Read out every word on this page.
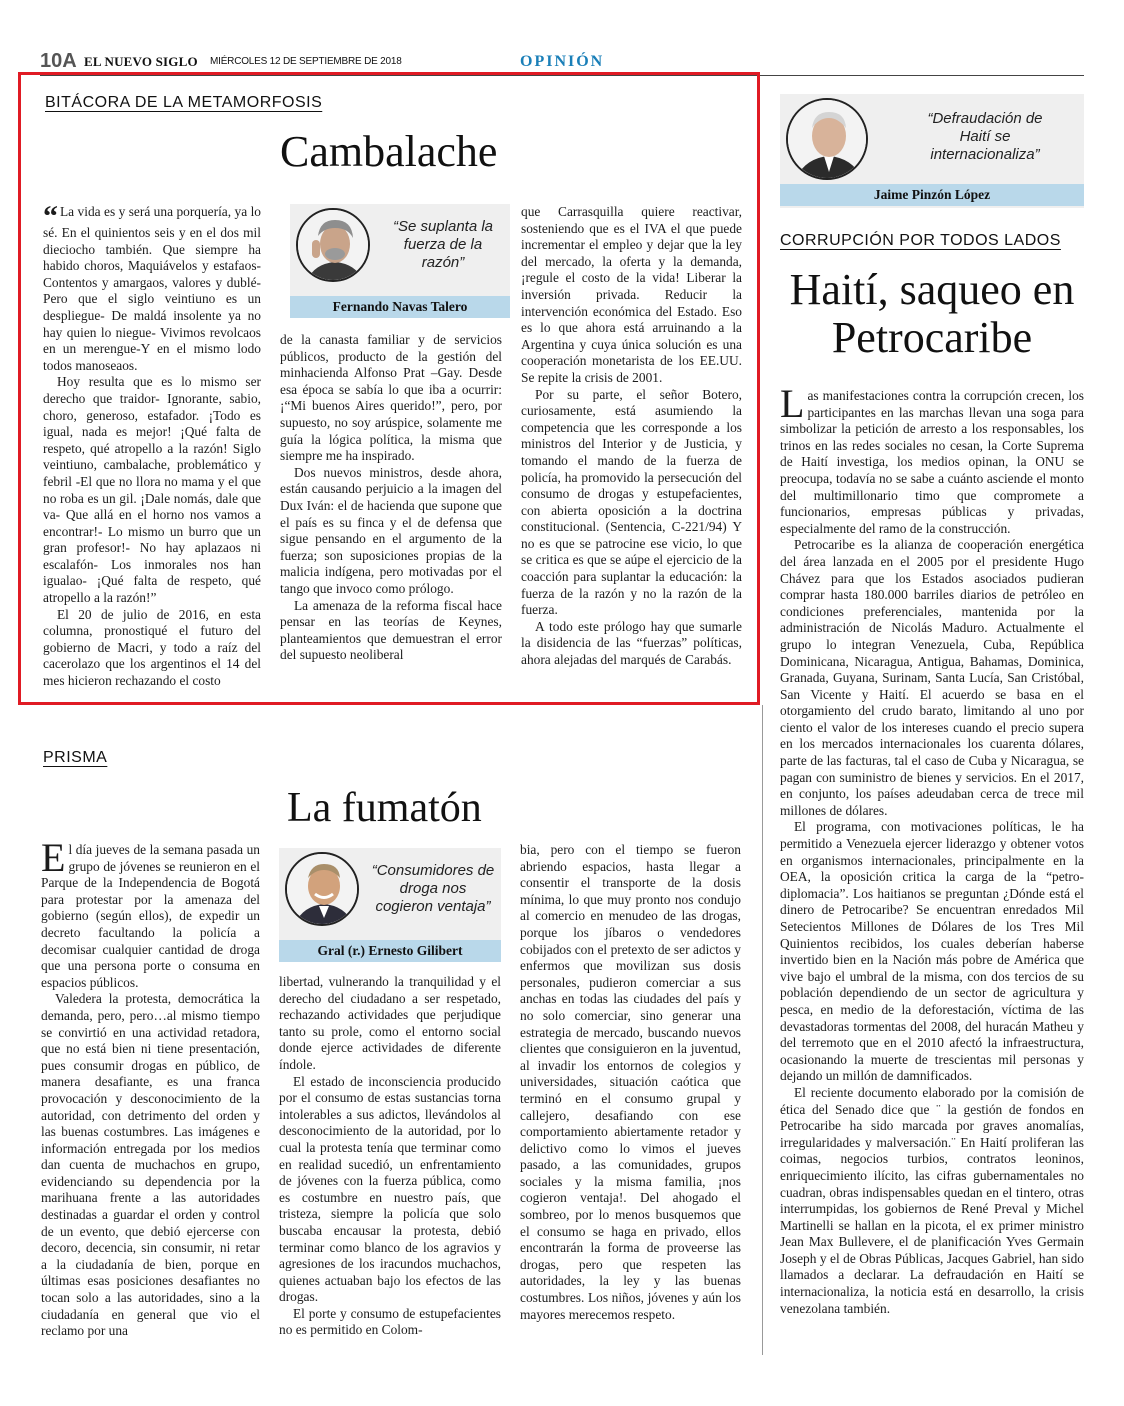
10A EL NUEVO SIGLO MIÉRCOLES 12 DE SEPTIEMBRE DE 2018	OPINIÓN
BITÁCORA DE LA METAMORFOSIS
Cambalache

“ La vida es y será una porquería, ya lo sé. En el quinientos seis y en el dos mil dieciocho también. Que siempre ha habido choros, Maquiávelos y estafaos- Contentos y amargaos, valores y dublé- Pero que el siglo veintiuno es un despliegue- De maldá insolente ya no hay quien lo niegue- Vivimos revolcaos en un merengue-Y en el mismo lodo todos manoseaos.

Hoy resulta que es lo mismo ser derecho que traidor- Ignorante, sabio, choro, generoso, estafador. ¡Todo es igual, nada es mejor! ¡Qué falta de respeto, qué atropello a la razón! Siglo veintiuno, cambalache, problemático y febril -El que no llora no mama y el que no roba es un gil. ¡Dale nomás, dale que va- Que allá en el horno nos vamos a encontrar!- Lo mismo un burro que un gran profesor!- No hay aplazaos ni escalafón- Los inmorales nos han igualao- ¡Qué falta de respeto, qué atropello a la razón!”

El 20 de julio de 2016, en esta columna, pronostiqué el futuro del gobierno de Macri, y todo a raíz del cacerolazo que los argentinos el 14 del mes hicieron rechazando el costo

“Se suplanta la fuerza de la razón”
Fernando Navas Talero

de la canasta familiar y de servicios públicos, producto de la gestión del minhacienda Alfonso Prat –Gay. Desde esa época se sabía lo que iba a ocurrir: ¡“Mi buenos Aires querido!”, pero, por supuesto, no soy arúspice, solamente me guía la lógica política, la misma que siempre me ha inspirado.

Dos nuevos ministros, desde ahora, están causando perjuicio a la imagen del Dux Iván: el de hacienda que supone que el país es su finca y el de defensa que sigue pensando en el argumento de la fuerza; son suposiciones propias de la malicia indígena, pero motivadas por el tango que invoco como prólogo.

La amenaza de la reforma fiscal hace pensar en las teorías de Keynes, planteamientos que demuestran el error del supuesto neoliberal

que Carrasquilla quiere reactivar, sosteniendo que es el IVA el que puede incrementar el empleo y dejar que la ley del mercado, la oferta y la demanda, ¡regule el costo de la vida! Liberar la inversión privada. Reducir la intervención económica del Estado. Eso es lo que ahora está arruinando a la Argentina y cuya única solución es una cooperación monetarista de los EE.UU. Se repite la crisis de 2001.

Por su parte, el señor Botero, curiosamente, está asumiendo la competencia que les corresponde a los ministros del Interior y de Justicia, y tomando el mando de la fuerza de policía, ha promovido la persecución del consumo de drogas y estupefacientes, con abierta oposición a la doctrina constitucional. (Sentencia, C-221/94) Y no es que se patrocine ese vicio, lo que se critica es que se aúpe el ejercicio de la coacción para suplantar la educación: la fuerza de la razón y no la razón de la fuerza.

A todo este prólogo hay que sumarle la disidencia de las “fuerzas” políticas, ahora alejadas del marqués de Carabás.

PRISMA
La fumatón

El día jueves de la semana pasada un grupo de jóvenes se reunieron en el Parque de la Independencia de Bogotá para protestar por la amenaza del gobierno (según ellos), de expedir un decreto facultando la policía a decomisar cualquier cantidad de droga que una persona porte o consuma en espacios públicos.

Valedera la protesta, democrática la demanda, pero, pero…al mismo tiempo se convirtió en una actividad retadora, que no está bien ni tiene presentación, pues consumir drogas en público, de manera desafiante, es una franca provocación y desconocimiento de la autoridad, con detrimento del orden y las buenas costumbres. Las imágenes e información entregada por los medios dan cuenta de muchachos en grupo, evidenciando su dependencia por la marihuana frente a las autoridades destinadas a guardar el orden y control de un evento, que debió ejercerse con decoro, decencia, sin consumir, ni retar a la ciudadanía de bien, porque en últimas esas posiciones desafiantes no tocan solo a las autoridades, sino a la ciudadanía en general que vio el reclamo por una

“Consumidores de droga nos cogieron ventaja”
Gral (r.) Ernesto Gilibert

libertad, vulnerando la tranquilidad y el derecho del ciudadano a ser respetado, rechazando actividades que perjudique tanto su prole, como el entorno social donde ejerce actividades de diferente índole.

El estado de inconsciencia producido por el consumo de estas sustancias torna intolerables a sus adictos, llevándolos al desconocimiento de la autoridad, por lo cual la protesta tenía que terminar como en realidad sucedió, un enfrentamiento de jóvenes con la fuerza pública, como es costumbre en nuestro país, que tristeza, siempre la policía que solo buscaba encausar la protesta, debió terminar como blanco de los agravios y agresiones de los iracundos muchachos, quienes actuaban bajo los efectos de las drogas.

El porte y consumo de estupefacientes no es permitido en Colom-

bia, pero con el tiempo se fueron abriendo espacios, hasta llegar a consentir el transporte de la dosis mínima, lo que muy pronto nos condujo al comercio en menudeo de las drogas, porque los jíbaros o vendedores cobijados con el pretexto de ser adictos y enfermos que movilizan sus dosis personales, pudieron comerciar a sus anchas en todas las ciudades del país y no solo comerciar, sino generar una estrategia de mercado, buscando nuevos clientes que consiguieron en la juventud, al invadir los entornos de colegios y universidades, situación caótica que terminó en el consumo grupal y callejero, desafiando con ese comportamiento abiertamente retador y delictivo como lo vimos el jueves pasado, a las comunidades, grupos sociales y la misma familia, ¡nos cogieron ventaja!. Del ahogado el sombreo, por lo menos busquemos que el consumo se haga en privado, ellos encontrarán la forma de proveerse las drogas, pero que respeten las autoridades, la ley y las buenas costumbres. Los niños, jóvenes y aún los mayores merecemos respeto.

“Defraudación de Haití se internacionaliza”
Jaime Pinzón López
CORRUPCIÓN POR TODOS LADOS
Haití, saqueo en
Petrocaribe

Las manifestaciones contra la corrupción crecen, los participantes en las marchas llevan una soga para simbolizar la petición de arresto a los responsables, los trinos en las redes sociales no cesan, la Corte Suprema de Haití investiga, los medios opinan, la ONU se preocupa, todavía no se sabe a cuánto asciende el monto del multimillonario timo que compromete a funcionarios, empresas públicas y privadas, especialmente del ramo de la construcción.

Petrocaribe es la alianza de cooperación energética del área lanzada en el 2005 por el presidente Hugo Chávez para que los Estados asociados pudieran comprar hasta 180.000 barriles diarios de petróleo en condiciones preferenciales, mantenida por la administración de Nicolás Maduro. Actualmente el grupo lo integran Venezuela, Cuba, República Dominicana, Nicaragua, Antigua, Bahamas, Dominica, Granada, Guyana, Surinam, Santa Lucía, San Cristóbal, San Vicente y Haití. El acuerdo se basa en el otorgamiento del crudo barato, limitando al uno por ciento el valor de los intereses cuando el precio supera en los mercados internacionales los cuarenta dólares, parte de las facturas, tal el caso de Cuba y Nicaragua, se pagan con suministro de bienes y servicios. En el 2017, en conjunto, los países adeudaban cerca de trece mil millones de dólares.

El programa, con motivaciones políticas, le ha permitido a Venezuela ejercer liderazgo y obtener votos en organismos internacionales, principalmente en la OEA, la oposición critica la carga de la “petro-diplomacia”. Los haitianos se preguntan ¿Dónde está el dinero de Petrocaribe? Se encuentran enredados Mil Setecientos Millones de Dólares de los Tres Mil Quinientos recibidos, los cuales deberían haberse invertido bien en la Nación más pobre de América que vive bajo el umbral de la misma, con dos tercios de su población dependiendo de un sector de agricultura y pesca, en medio de la deforestación, víctima de las devastadoras tormentas del 2008, del huracán Matheu y del terremoto que en el 2010 afectó la infraestructura, ocasionando la muerte de trescientas mil personas y dejando un millón de damnificados.

El reciente documento elaborado por la comisión de ética del Senado dice que ¨ la gestión de fondos en Petrocaribe ha sido marcada por graves anomalías, irregularidades y malversación.¨ En Haití proliferan las coimas, negocios turbios, contratos leoninos, enriquecimiento ilícito, las cifras gubernamentales no cuadran, obras indispensables quedan en el tintero, otras interrumpidas, los gobiernos de René Preval y Michel Martinelli se hallan en la picota, el ex primer ministro Jean Max Bullevere, el de planificación Yves Germain Joseph y el de Obras Públicas, Jacques Gabriel, han sido llamados a declarar. La defraudación en Haití se internacionaliza, la noticia está en desarrollo, la crisis venezolana también.
